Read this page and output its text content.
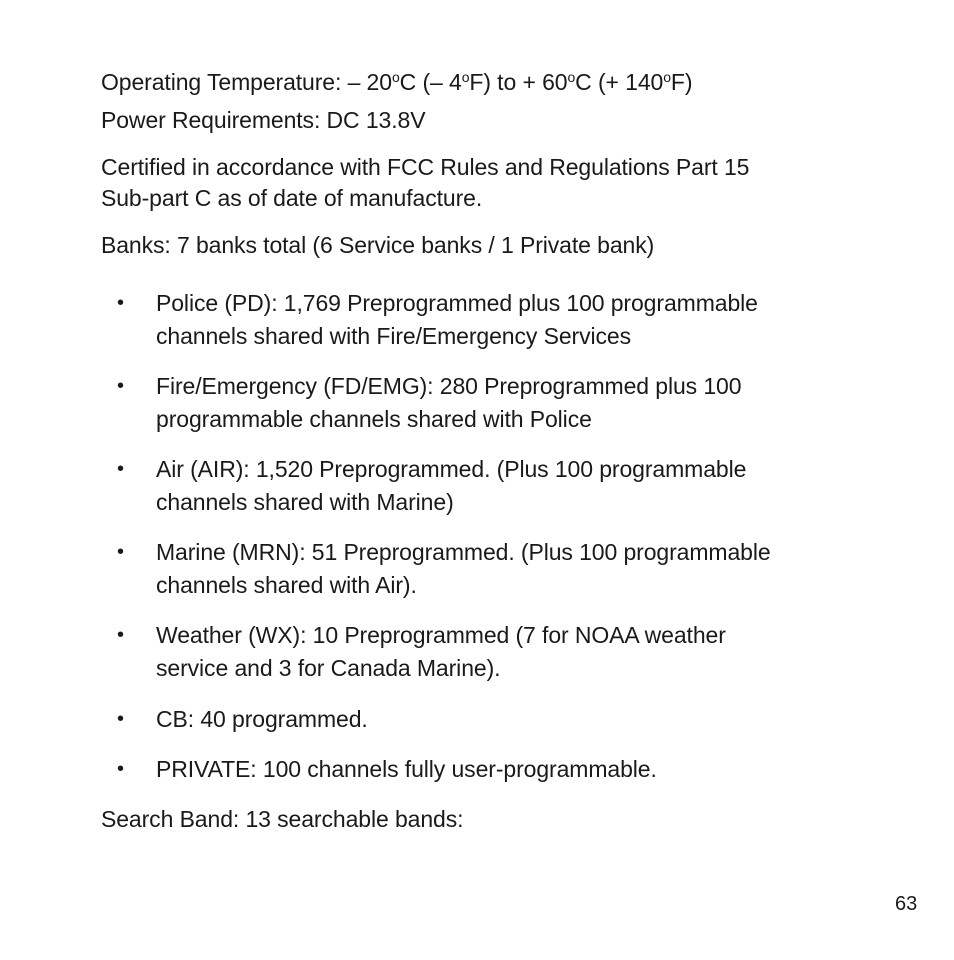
Operating Temperature: – 20$^o$C (– 4$^o$F) to + $60^oC$ (+ $140^oF$)
Power Requirements: DC 13.8V
Certified in accordance with FCC Rules and Regulations Part 15
Sub-part C as of date of manufacture.
Banks: 7 banks total (6 Service banks / 1 Private bank)
• Police (PD): 1,769 Preprogrammed plus 100 programmable
channels shared with Fire/Emergency Services
• Fire/Emergency (FD/EMG): 280 Preprogrammed plus 100
programmable channels shared with Police
• Air (AIR): 1,520 Preprogrammed. (Plus 100 programmable
channels shared with Marine)
• Marine (MRN): 51 Preprogrammed. (Plus 100 programmable
channels shared with Air).
• Weather (WX): 10 Preprogrammed (7 for NOAA weather
service and 3 for Canada Marine).
• CB: 40 programmed.
• PRIVATE: 100 channels fully user-programmable.
Search Band: 13 searchable bands:
63
